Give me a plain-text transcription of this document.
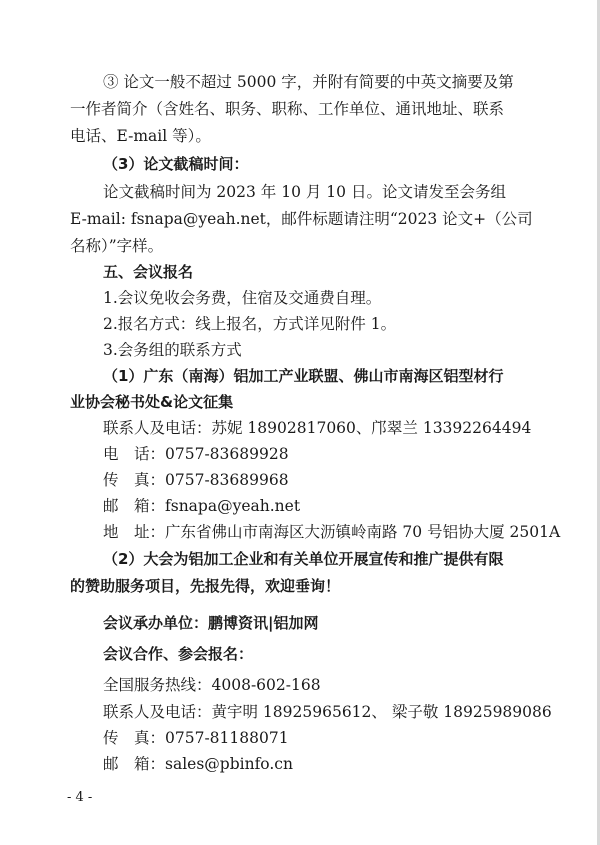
③ 论文一般不超过 5000 字，并附有简要的中英文摘要及第
一作者简介（含姓名、职务、职称、工作单位、通讯地址、联系
电话、E-mail 等）。
（3）论文截稿时间：
论文截稿时间为 2023 年 10 月 10 日。论文请发至会务组
E-mail: fsnapa@yeah.net，邮件标题请注明“2023 论文+（公司
名称）”字样。
五、会议报名
1.会议免收会务费，住宿及交通费自理。
2.报名方式：线上报名，方式详见附件 1。
3.会务组的联系方式
（1）广东（南海）铝加工产业联盟、佛山市南海区铝型材行
业协会秘书处&论文征集
联系人及电话：苏妮 18902817060、邝翠兰 13392264494
电　话：0757-83689928
传　真：0757-83689968
邮　箱：fsnapa@yeah.net
地　址：广东省佛山市南海区大沥镇岭南路 70 号铝协大厦 2501A
（2）大会为铝加工企业和有关单位开展宣传和推广提供有限
的赞助服务项目，先报先得，欢迎垂询！
会议承办单位：鹏博资讯|铝加网
会议合作、参会报名：
全国服务热线：4008-602-168
联系人及电话：黄宇明 18925965612、 梁子敬 18925989086
传　真：0757-81188071
邮　箱：sales@pbinfo.cn
- 4 -
